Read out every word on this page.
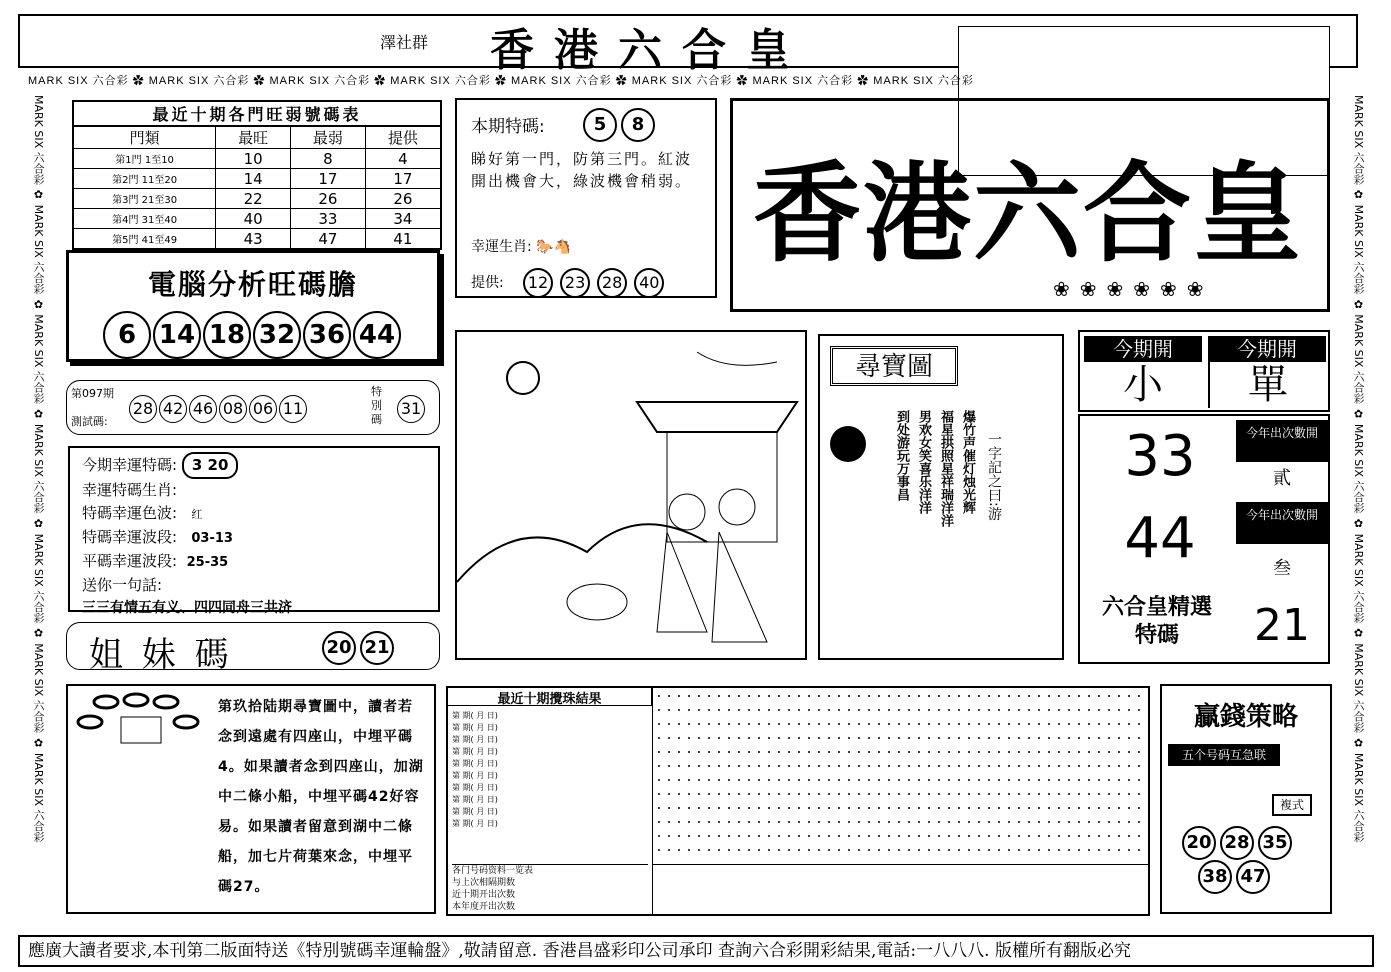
澤社群 香港六合皇
MARK SIX 六合彩 ✿ MARK SIX 六合彩 ✿ MARK SIX 六合彩 ✿ MARK SIX 六合彩 ✿ MARK SIX 六合彩 ✿ MARK SIX 六合彩 ✿ MARK SIX 六合彩 ✿ MARK SIX 六合彩
MARK SIX 六合彩 ✿ MARK SIX 六合彩 ✿ MARK SIX 六合彩 ✿ MARK SIX 六合彩 ✿ MARK SIX 六合彩 ✿ MARK SIX 六合彩 ✿ MARK SIX 六合彩
MARK SIX 六合彩 ✿ MARK SIX 六合彩 ✿ MARK SIX 六合彩 ✿ MARK SIX 六合彩 ✿ MARK SIX 六合彩 ✿ MARK SIX 六合彩 ✿ MARK SIX 六合彩
最近十期各門旺弱號碼表
門類	最旺	最弱	提供
第1門 1至10	10	8	4
第2門 11至20	14	17	17
第3門 21至30	22	26	26
第4門 31至40	40	33	34
第5門 41至49	43	47	41
電腦分析旺碼膽
6 14 18 32 36 44
第097期
測試碼:
28 42 46 08 06 11
特別碼
31
今期幸運特碼: 3 20
幸運特碼生肖:
特碼幸運色波: 红
特碼幸運波段: 03-13
平碼幸運波段: 25-35
送你一句話:
三三有情五有义、四四同舟三共济
姐 妹 碼	20 21
本期特碼:	5 8
睇好第一門，防第三門。紅波開出機會大，綠波機會稍弱。
幸運生肖: 🐎🐴
提供:	12 23 28 40
香港六合皇
❀❀❀❀❀❀
尋寶圖
爆竹声催灯烛光辉
福星拱照星祥瑞洋洋
男欢女笑喜乐洋洋
到处游玩万事昌	一字記之曰:游
今期開	今期開
小	單
33	今年出次數開
貳
44	今年出次數開
叁
六合皇精選特碼	21
第玖拾陆期尋寶圖中，讀者若念到遠處有四座山，中埋平碼4。如果讀者念到四座山，加湖中二條小船，中埋平碼42好容易。如果讀者留意到湖中二條船，加七片荷葉來念，中埋平碼27。
最近十期攪珠結果
第 期( 月 日)
第 期( 月 日)
第 期( 月 日)
第 期( 月 日)
第 期( 月 日)
第 期( 月 日)
第 期( 月 日)
第 期( 月 日)
第 期( 月 日)
第 期( 月 日)
各门号码资料一览表
与上次相隔期数
近十期开出次数
本年度开出次数
贏錢策略
五个号码互急联
複式
20 28 35
38 47
應廣大讀者要求,本刊第二版面特送《特別號碼幸運輪盤》,敬請留意. 香港昌盛彩印公司承印 查詢六合彩開彩結果,電話:一八八八. 版權所有翻版必究
